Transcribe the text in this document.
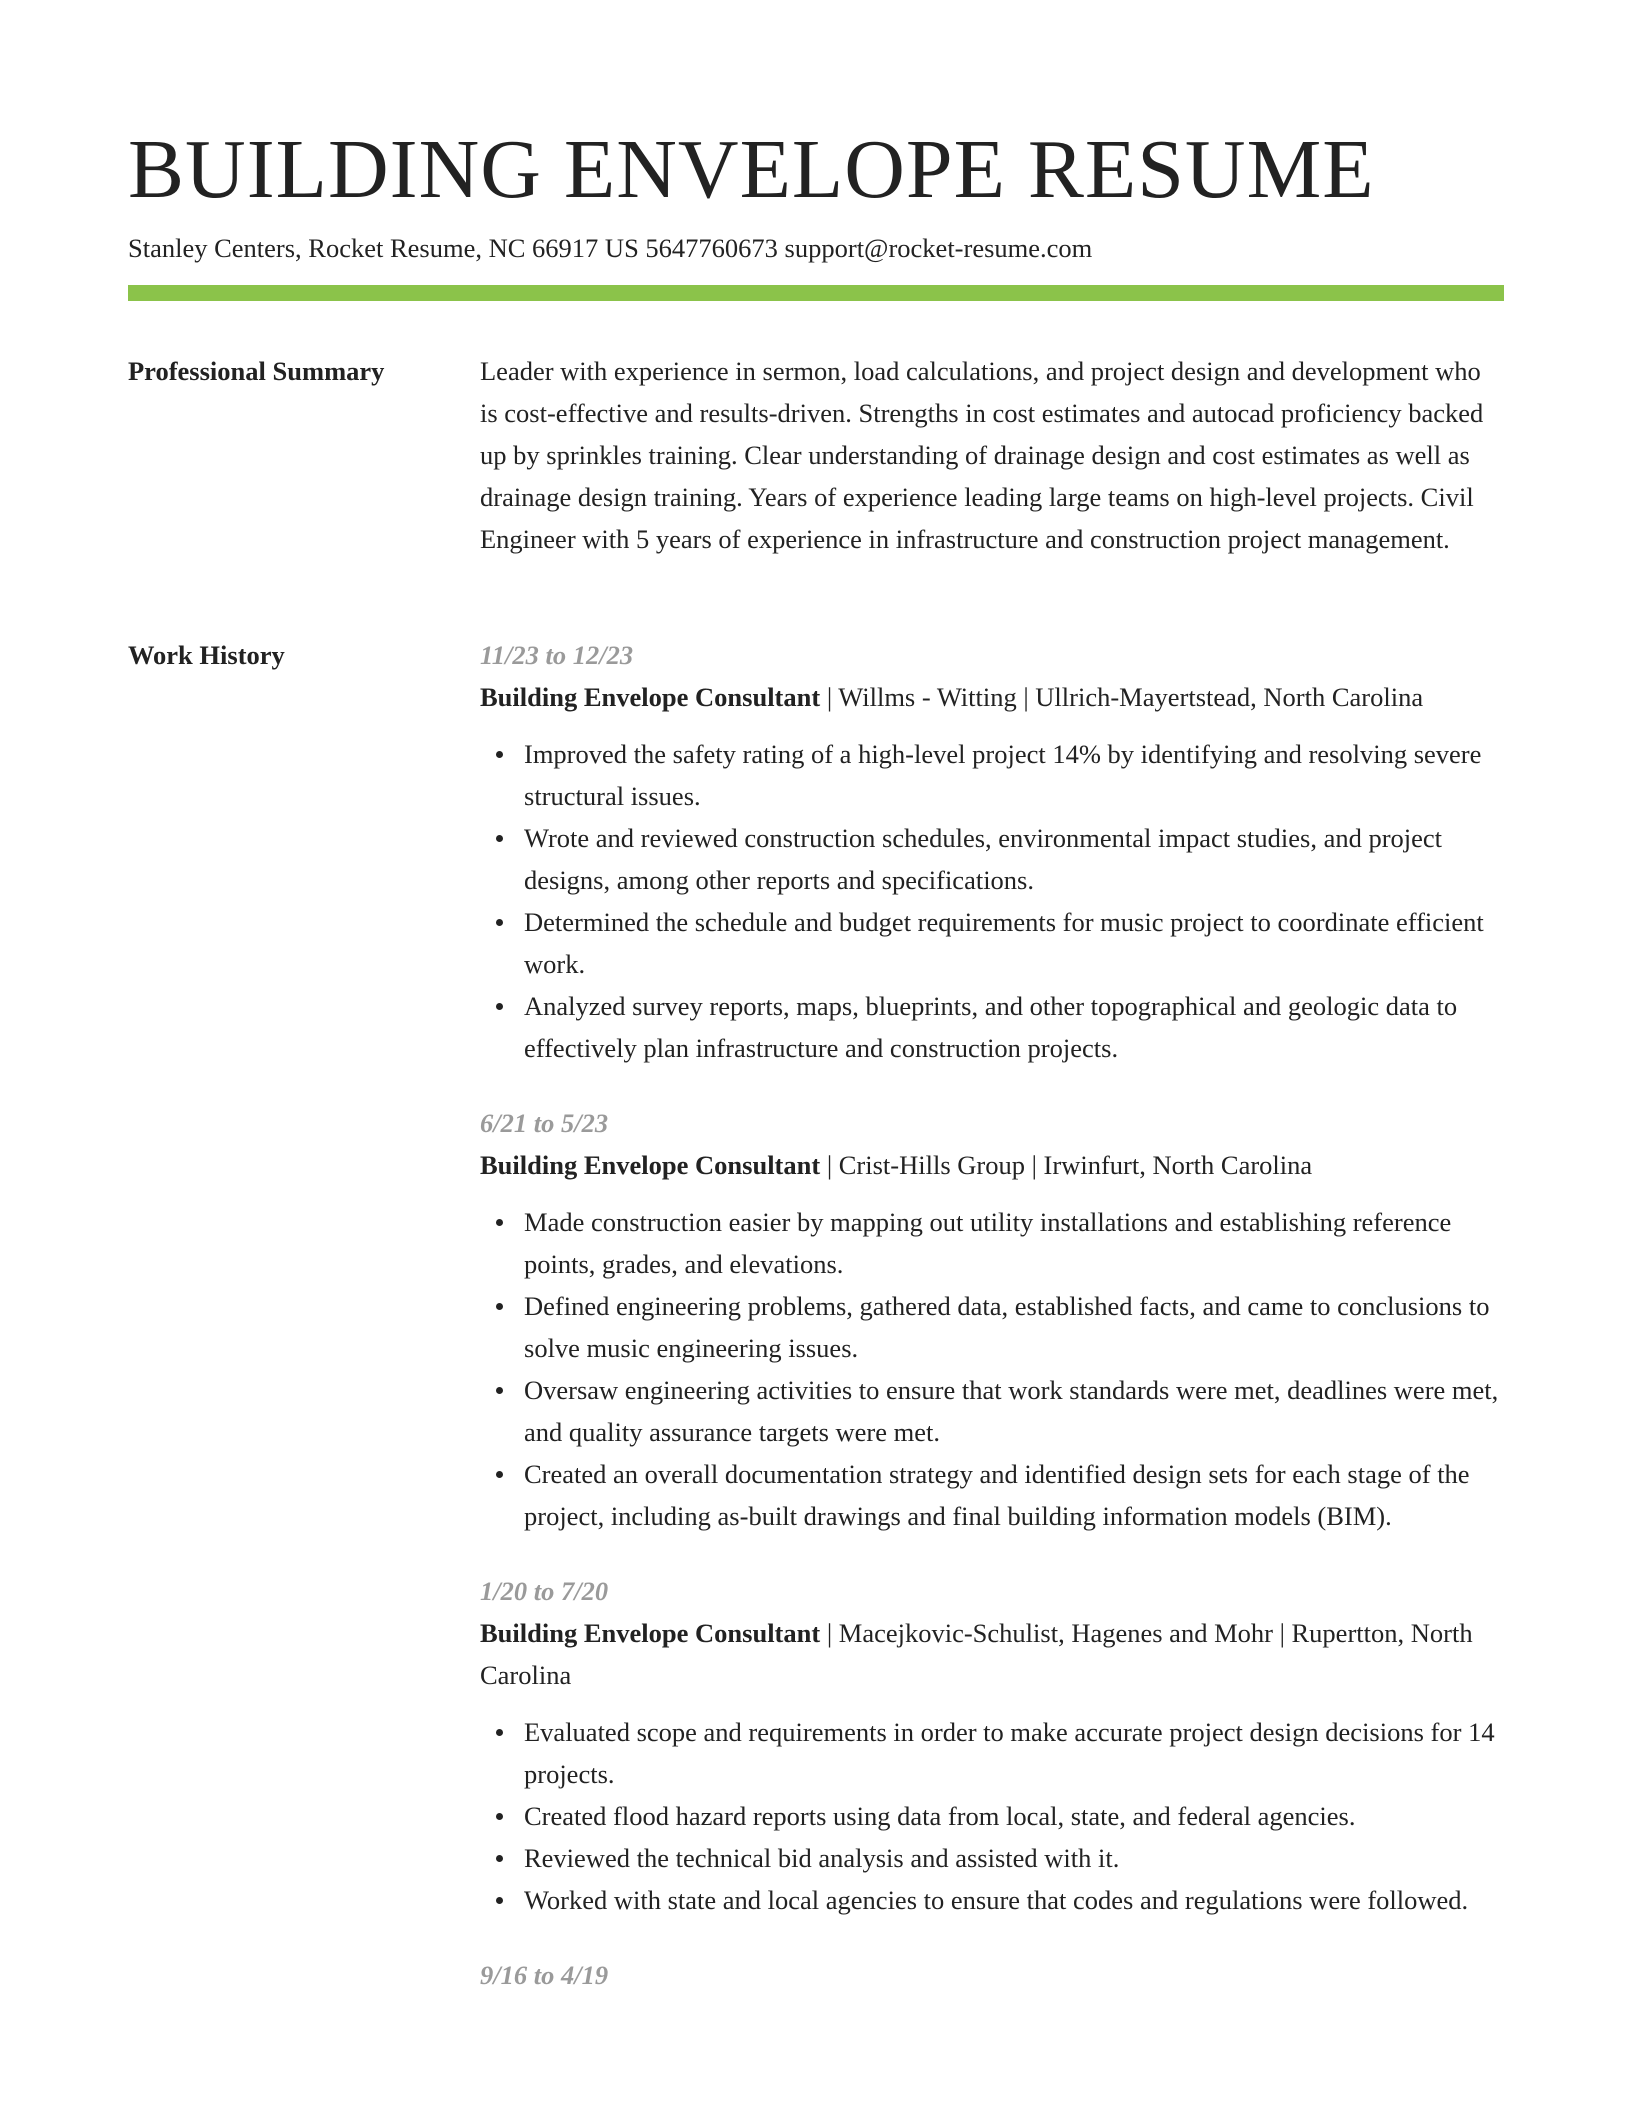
BUILDING ENVELOPE RESUME
Stanley Centers, Rocket Resume, NC 66917 US 5647760673 support@rocket-resume.com
Professional Summary	Leader with experience in sermon, load calculations, and project design and development who is cost-effective and results-driven. Strengths in cost estimates and autocad proficiency backed up by sprinkles training. Clear understanding of drainage design and cost estimates as well as drainage design training. Years of experience leading large teams on high-level projects. Civil Engineer with 5 years of experience in infrastructure and construction project management.

Work History	11/23 to 12/23
Building Envelope Consultant | Willms - Witting | Ullrich-Mayertstead, North Carolina
Improved the safety rating of a high-level project 14% by identifying and resolving severe structural issues.
Wrote and reviewed construction schedules, environmental impact studies, and project designs, among other reports and specifications.
Determined the schedule and budget requirements for music project to coordinate efficient work.
Analyzed survey reports, maps, blueprints, and other topographical and geologic data to effectively plan infrastructure and construction projects.
6/21 to 5/23
Building Envelope Consultant | Crist-Hills Group | Irwinfurt, North Carolina
Made construction easier by mapping out utility installations and establishing reference points, grades, and elevations.
Defined engineering problems, gathered data, established facts, and came to conclusions to solve music engineering issues.
Oversaw engineering activities to ensure that work standards were met, deadlines were met, and quality assurance targets were met.
Created an overall documentation strategy and identified design sets for each stage of the project, including as-built drawings and final building information models (BIM).
1/20 to 7/20
Building Envelope Consultant | Macejkovic-Schulist, Hagenes and Mohr | Rupertton, North Carolina
Evaluated scope and requirements in order to make accurate project design decisions for 14 projects.
Created flood hazard reports using data from local, state, and federal agencies.
Reviewed the technical bid analysis and assisted with it.
Worked with state and local agencies to ensure that codes and regulations were followed.
9/16 to 4/19
